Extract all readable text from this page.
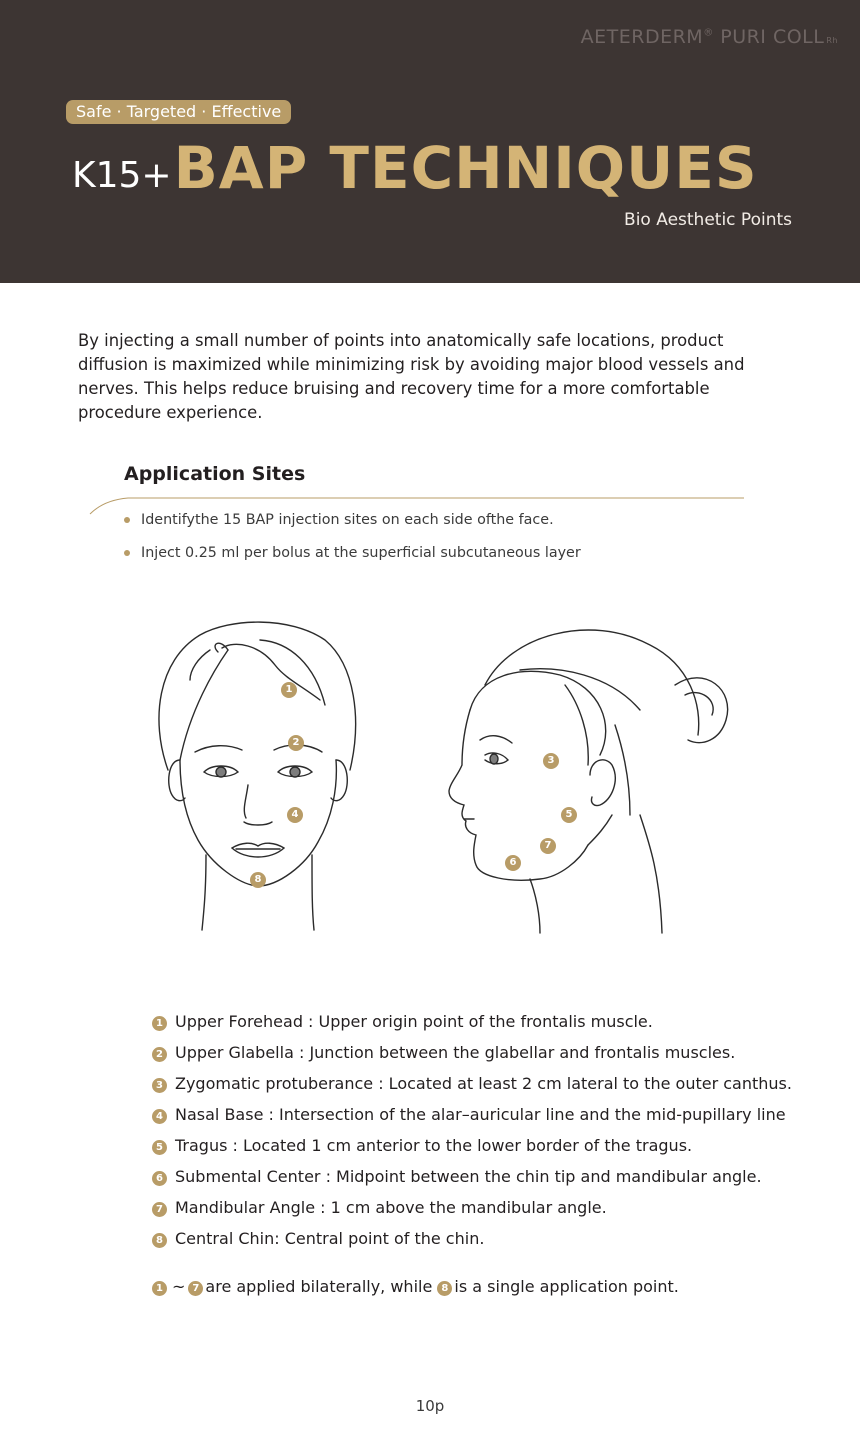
AETERDERM® PURI COLL Rh
Safe · Targeted · Effective
K15+BAP TECHNIQUES
Bio Aesthetic Points

By injecting a small number of points into anatomically safe locations, product diffusion is maximized while minimizing risk by avoiding major blood vessels and nerves. This helps reduce bruising and recovery time for a more comfortable procedure experience.

Application Sites
Identifythe 15 BAP injection sites on each side ofthe face.
Inject 0.25 ml per bolus at the superficial subcutaneous layer
1
2
4
8
3
5
7
6
1 Upper Forehead : Upper origin point of the frontalis muscle.
2 Upper Glabella : Junction between the glabellar and frontalis muscles.
3 Zygomatic protuberance : Located at least 2 cm lateral to the outer canthus.
4 Nasal Base : Intersection of the alar–auricular line and the mid-pupillary line
5 Tragus : Located 1 cm anterior to the lower border of the tragus.
6 Submental Center : Midpoint between the chin tip and mandibular angle.
7 Mandibular Angle : 1 cm above the mandibular angle.
8 Central Chin: Central point of the chin.
1 ~ 7 are applied bilaterally, while 8 is a single application point.
10p
